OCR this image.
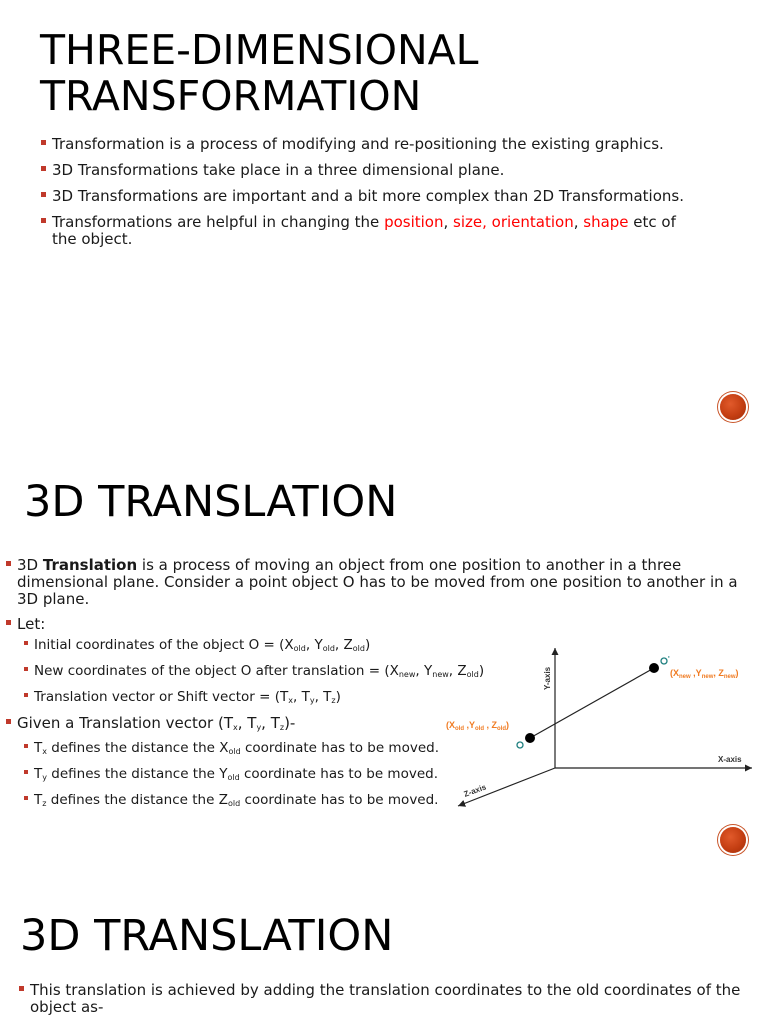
THREE-DIMENSIONAL
TRANSFORMATION
Transformation is a process of modifying and re-positioning the existing graphics.
3D Transformations take place in a three dimensional plane.
3D Transformations are important and a bit more complex than 2D Transformations.
Transformations are helpful in changing the position, size, orientation, shape etc of the object.
3D TRANSLATION
3D Translation is a process of moving an object from one position to another in a three dimensional plane. Consider a point object O has to be moved from one position to another in a 3D plane.
Let:
Initial coordinates of the object $O = (X_{old}$, $Y_{old}$, $Z_{old}$)
New coordinates of the object O after translation = ($X_{new}$, $Y_{new}$, $Z_{old}$)
Translation vector or Shift vector = ($T_x$, $T_y$, $T_z$)
Given a Translation vector ($T_x$, $T_y$, $T_z)-$
$T_x$ defines the distance the $X_{old}$ coordinate has to be moved.
$T_y$ defines the distance the $Y_{old}$ coordinate has to be moved.
$T_z$ defines the distance the $Z_{old}$ coordinate has to be moved.
Y-axis
X-axis
Z-axis
'
($X_{old}$ $,Y_{old}$ , $Z_{old}$)
($X_{new}$ $,Y_{new}$, $Z_{new}$)
3D TRANSLATION
This translation is achieved by adding the translation coordinates to the old coordinates of the object as-
